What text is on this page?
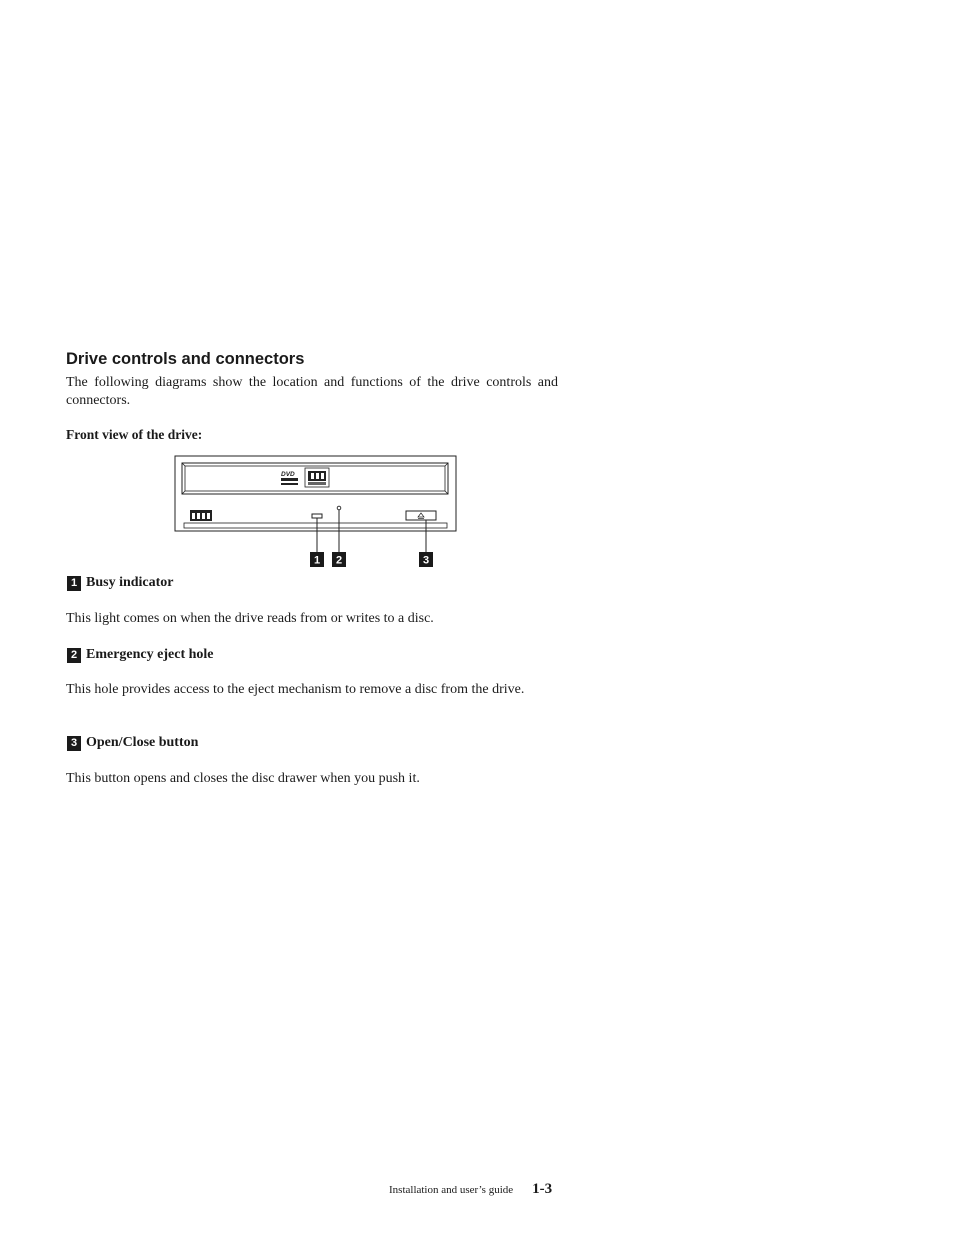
Drive controls and connectors

The following diagrams show the location and functions of the drive controls and connectors.

Front view of the drive:

DVD
1 2	3
1 Busy indicator

This light comes on when the drive reads from or writes to a disc.

2 Emergency eject hole

This hole provides access to the eject mechanism to remove a disc from the drive.

3 Open/Close button

This button opens and closes the disc drawer when you push it.

Installation and user’s guide 1-3
